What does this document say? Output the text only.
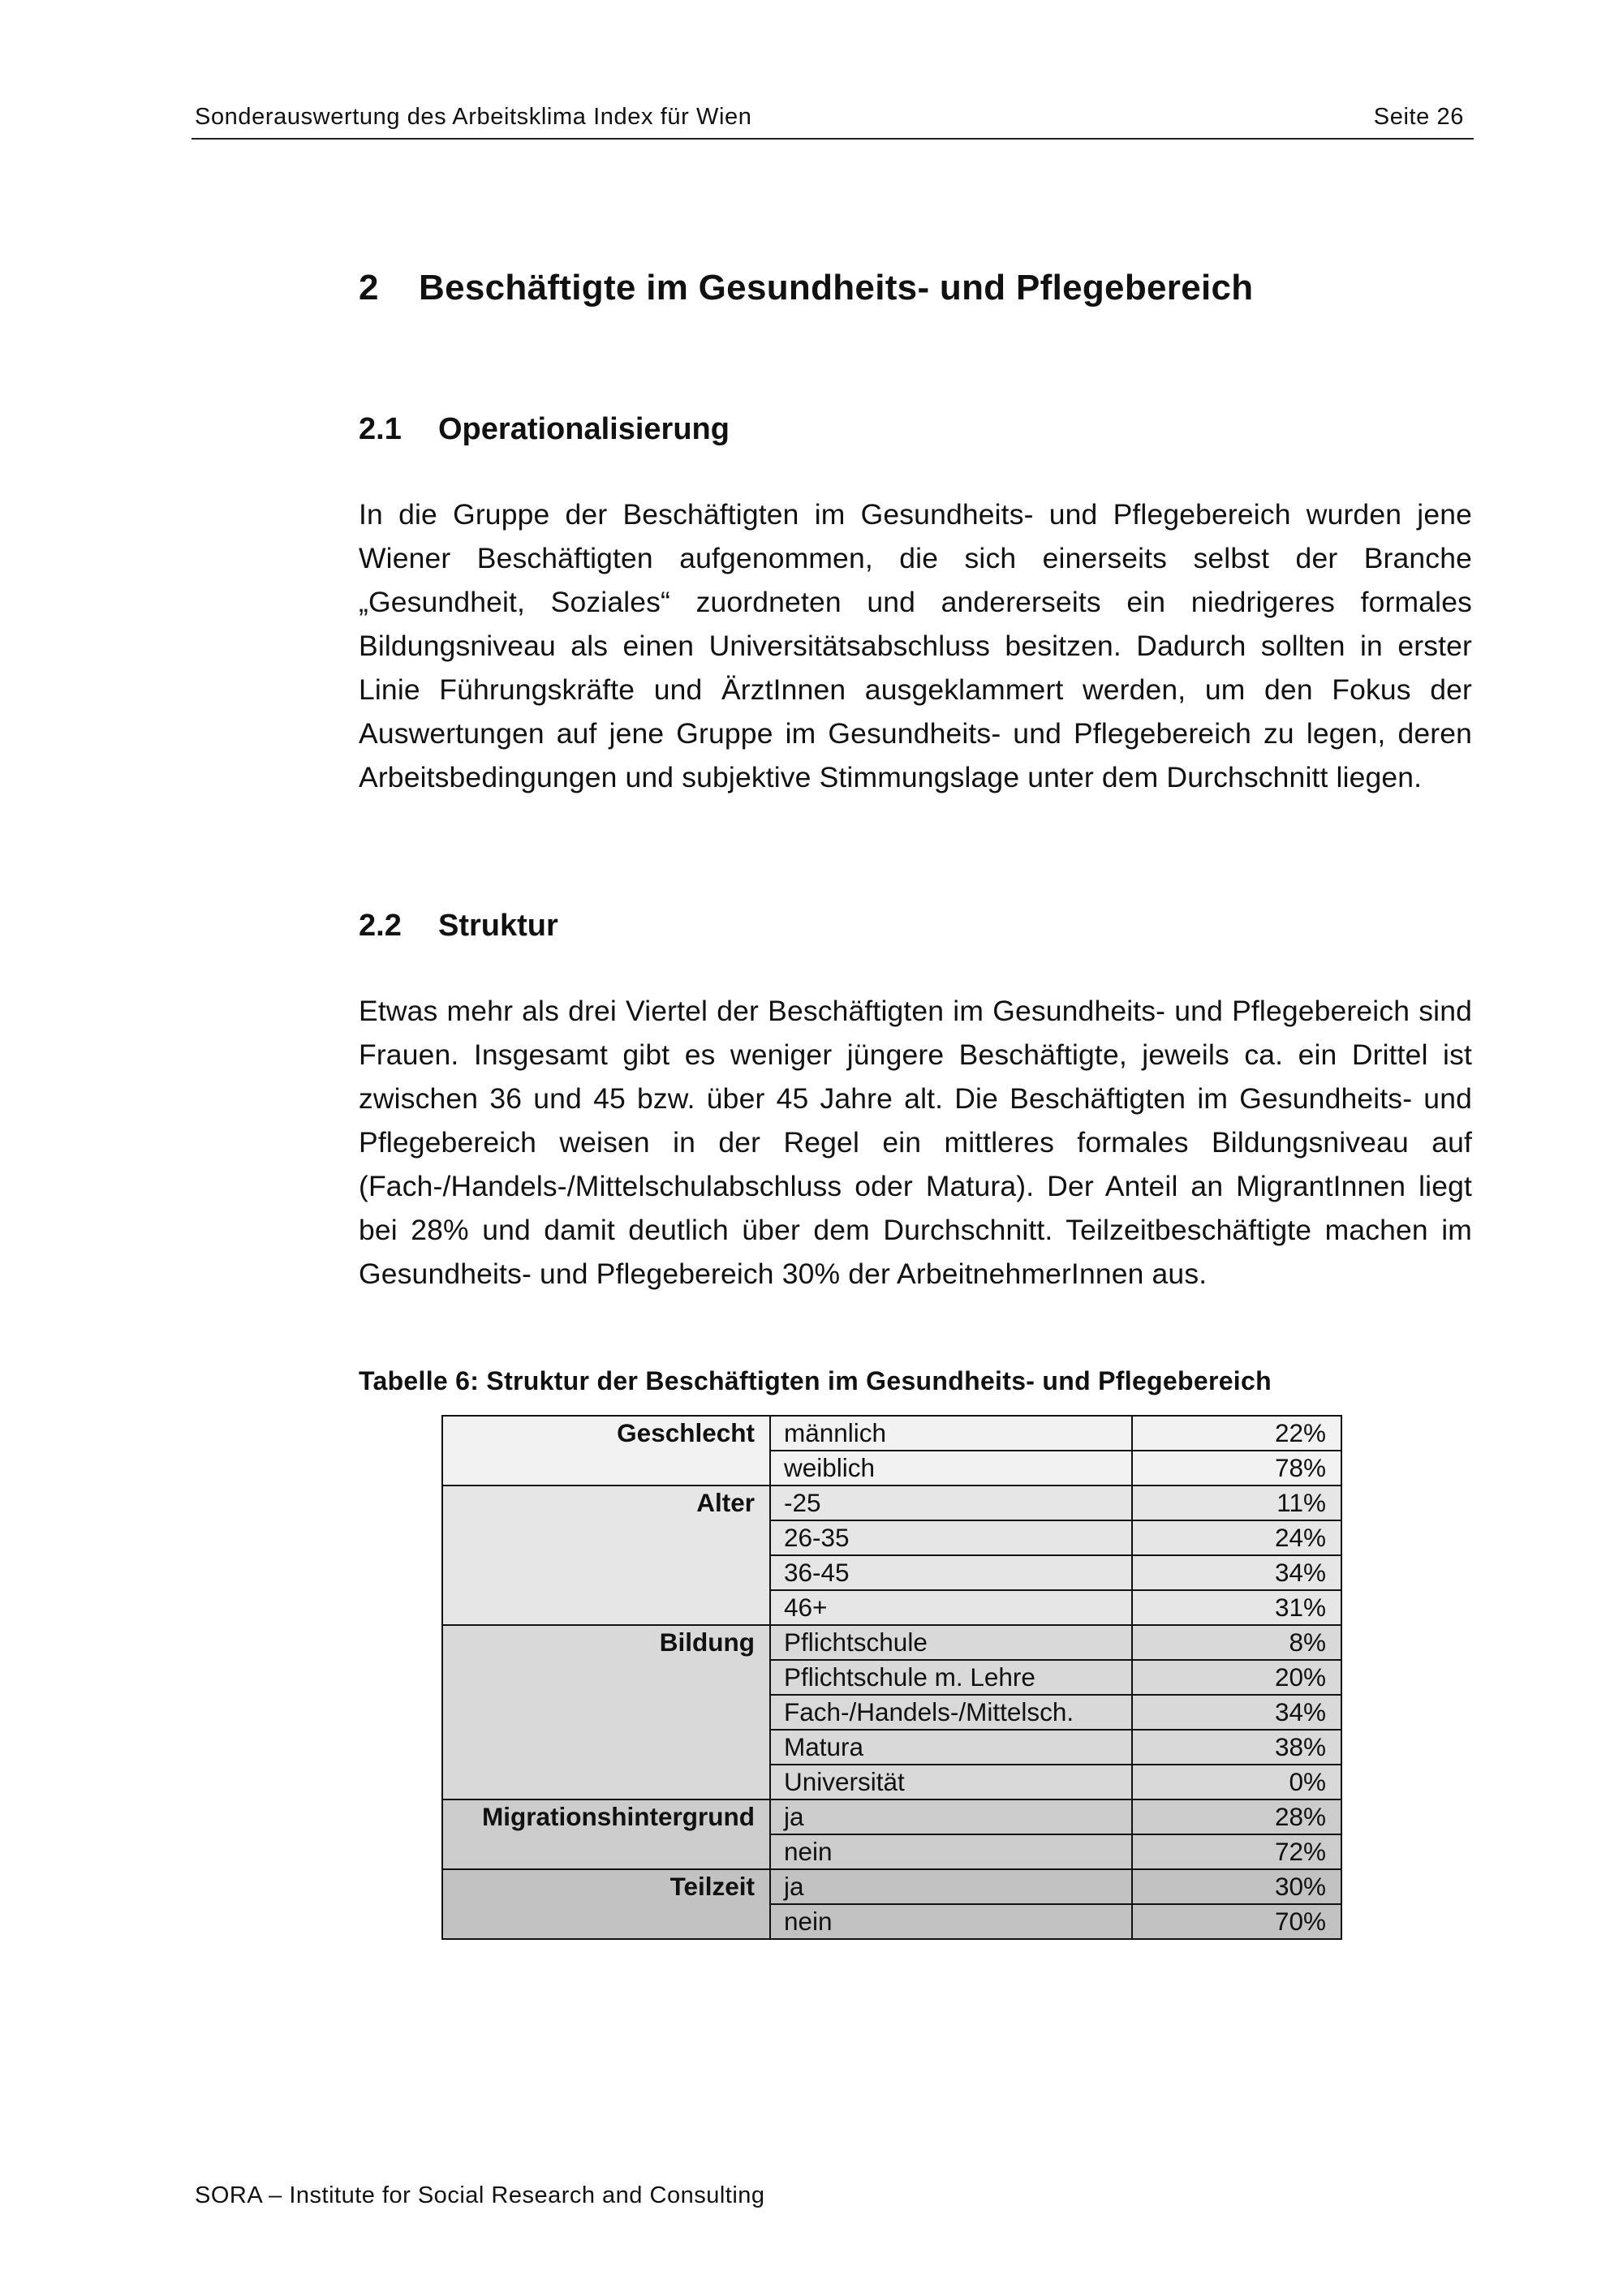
Sonderauswertung des Arbeitsklima Index für Wien	Seite 26
2 Beschäftigte im Gesundheits- und Pflegebereich
2.1 Operationalisierung

In die Gruppe der Beschäftigten im Gesundheits- und Pflegebereich wurden jene Wiener Beschäftigten aufgenommen, die sich einerseits selbst der Branche „Gesundheit, Soziales“ zuordneten und andererseits ein niedrigeres formales Bildungsniveau als einen Universitätsabschluss besitzen. Dadurch sollten in erster Linie Führungskräfte und ÄrztInnen ausgeklammert werden, um den Fokus der Auswertungen auf jene Gruppe im Gesundheits- und Pflegebereich zu legen, deren Arbeitsbedingungen und subjektive Stimmungslage unter dem Durchschnitt liegen.

2.2 Struktur

Etwas mehr als drei Viertel der Beschäftigten im Gesundheits- und Pflegebereich sind Frauen. Insgesamt gibt es weniger jüngere Beschäftigte, jeweils ca. ein Drittel ist zwischen 36 und 45 bzw. über 45 Jahre alt. Die Beschäftigten im Gesundheits- und Pflegebereich weisen in der Regel ein mittleres formales Bildungsniveau auf (Fach-/Handels-/Mittelschulabschluss oder Matura). Der Anteil an MigrantInnen liegt bei 28% und damit deutlich über dem Durchschnitt. Teilzeitbeschäftigte machen im Gesundheits- und Pflegebereich 30% der ArbeitnehmerInnen aus.

Tabelle 6: Struktur der Beschäftigten im Gesundheits- und Pflegebereich
Geschlecht	männlich	22%
	weiblich	78%
Alter	-25	11%
	26-35	24%
	36-45	34%
	46+	31%
Bildung	Pflichtschule	8%
	Pflichtschule m. Lehre	20%
	Fach-/Handels-/Mittelsch.	34%
	Matura	38%
	Universität	0%
Migrationshintergrund	ja	28%
	nein	72%
Teilzeit	ja	30%
	nein	70%
SORA – Institute for Social Research and Consulting
